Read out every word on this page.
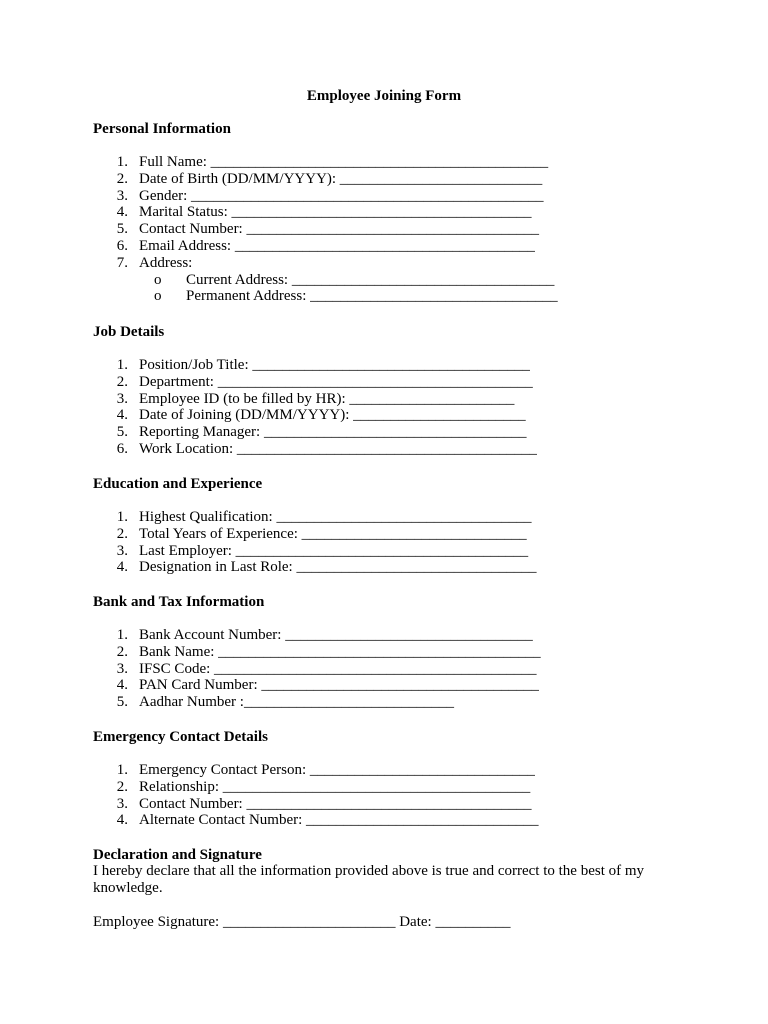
Employee Joining Form
Personal Information
1. Full Name: _____________________________________________
2. Date of Birth (DD/MM/YYYY): ___________________________
3. Gender: _______________________________________________
4. Marital Status: ________________________________________
5. Contact Number: _______________________________________
6. Email Address: ________________________________________
7. Address:
o	Current Address: ___________________________________
o	Permanent Address: _________________________________
Job Details
1. Position/Job Title: _____________________________________
2. Department: __________________________________________
3. Employee ID (to be filled by HR): ______________________
4. Date of Joining (DD/MM/YYYY): _______________________
5. Reporting Manager: ___________________________________
6. Work Location: ________________________________________
Education and Experience
1. Highest Qualification: __________________________________
2. Total Years of Experience: ______________________________
3. Last Employer: _______________________________________
4. Designation in Last Role: ________________________________
Bank and Tax Information
1. Bank Account Number: _________________________________
2. Bank Name: ___________________________________________
3. IFSC Code: ___________________________________________
4. PAN Card Number: _____________________________________
5. Aadhar Number :____________________________
Emergency Contact Details
1. Emergency Contact Person: ______________________________
2. Relationship: _________________________________________
3. Contact Number: ______________________________________
4. Alternate Contact Number: _______________________________
Declaration and Signature

I hereby declare that all the information provided above is true and correct to the best of my knowledge.

Employee Signature: _______________________ Date: __________
